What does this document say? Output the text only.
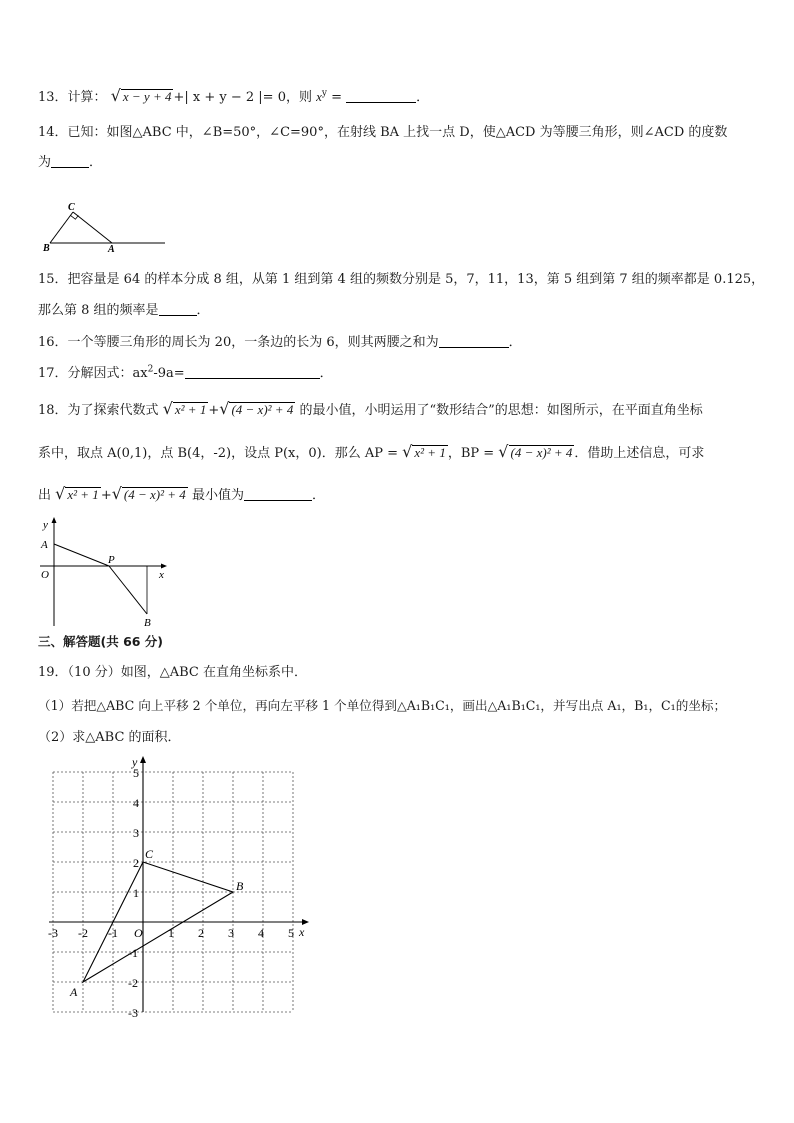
13．计算： √ x − y + 4 +| x + y − 2 |= 0，则 $x^y$ =	．
14．已知：如图△ABC 中，∠B=50°，∠C=90°，在射线 BA 上找一点 D，使△ACD 为等腰三角形，则∠ACD 的度数
为	．
C
B	A
15．把容量是 64 的样本分成 8 组，从第 1 组到第 4 组的频数分别是 5，7，11，13，第 5 组到第 7 组的频率都是 0.125，
那么第 8 组的频率是	．
16．一个等腰三角形的周长为 20，一条边的长为 6，则其两腰之和为	．
17．分解因式：$ax^2-9a=$	．
18．为了探索代数式 √ x² + 1 +√ (4 − x)² + 4 的最小值，小明运用了“数形结合”的思想：如图所示，在平面直角坐标
系中，取点 A(0,1)，点 B(4，-2)，设点 P(x，0)．那么 AP = √ x² + 1 ，BP = √ (4 − x)² + 4 ．借助上述信息，可求
出 √ x² + 1 +√ (4 − x)² + 4 最小值为	．
y
A
O
P
x
B
三、解答题(共 66 分)
19．（10 分）如图，△ABC 在直角坐标系中．
（1）若把△ABC 向上平移 2 个单位，再向左平移 1 个单位得到△A₁B₁C₁，画出△A₁B₁C₁，并写出点 A₁，B₁，C₁的坐标；
（2）求△ABC 的面积．
x
y
-3 -2 -1 O 1 2 3 4 5
5
4
3
2
1
-1
-2
-3
A
B
C
